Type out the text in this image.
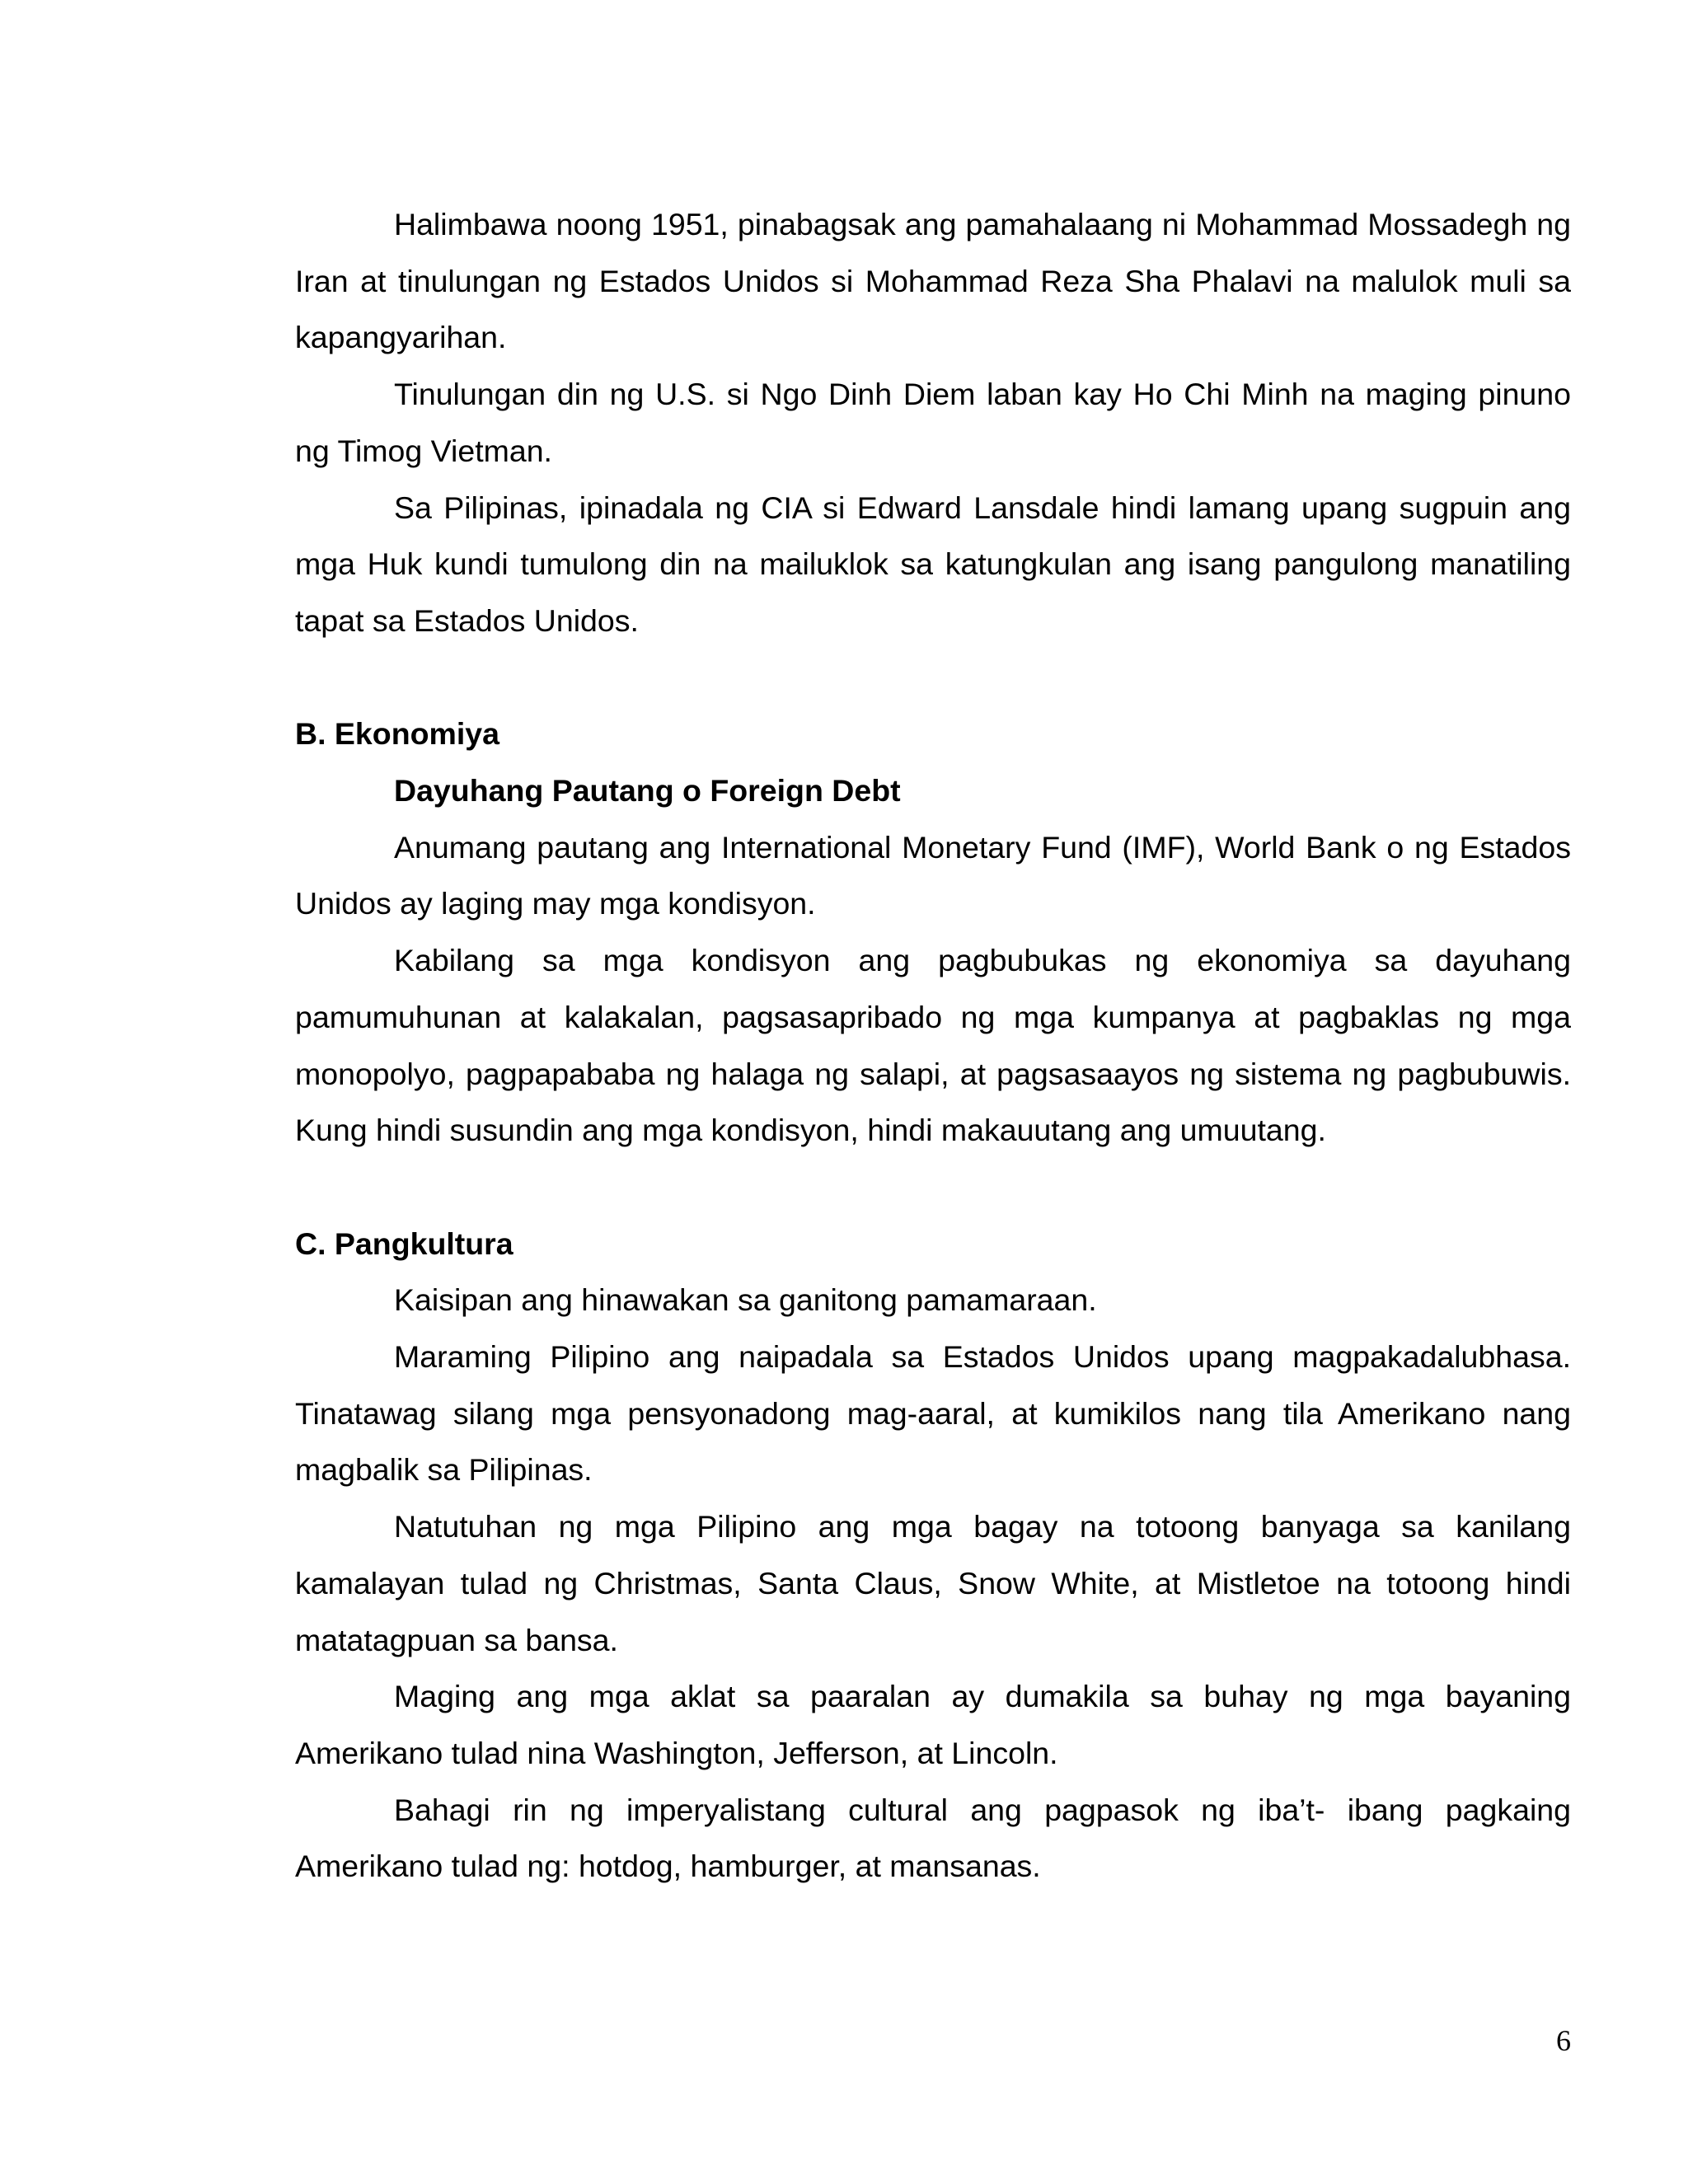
Halimbawa noong 1951, pinabagsak ang pamahalaang ni Mohammad Mossadegh ng Iran at tinulungan ng Estados Unidos si Mohammad Reza Sha Phalavi na malulok muli sa kapangyarihan.

Tinulungan din ng U.S. si Ngo Dinh Diem laban kay Ho Chi Minh na maging pinuno ng Timog Vietman.

Sa Pilipinas, ipinadala ng CIA si Edward Lansdale hindi lamang upang sugpuin ang mga Huk kundi tumulong din na mailuklok sa katungkulan ang isang pangulong manatiling tapat sa Estados Unidos.

B. Ekonomiya

Dayuhang Pautang o Foreign Debt

Anumang pautang ang International Monetary Fund (IMF), World Bank o ng Estados Unidos ay laging may mga kondisyon.

Kabilang sa mga kondisyon ang pagbubukas ng ekonomiya sa dayuhang pamumuhunan at kalakalan, pagsasapribado ng mga kumpanya at pagbaklas ng mga monopolyo, pagpapababa ng halaga ng salapi, at pagsasaayos ng sistema ng pagbubuwis. Kung hindi susundin ang mga kondisyon, hindi makauutang ang umuutang.

C. Pangkultura

Kaisipan ang hinawakan sa ganitong pamamaraan.

Maraming Pilipino ang naipadala sa Estados Unidos upang magpakadalubhasa. Tinatawag silang mga pensyonadong mag-aaral, at kumikilos nang tila Amerikano nang magbalik sa Pilipinas.

Natutuhan ng mga Pilipino ang mga bagay na totoong banyaga sa kanilang kamalayan tulad ng Christmas, Santa Claus, Snow White, at Mistletoe na totoong hindi matatagpuan sa bansa.

Maging ang mga aklat sa paaralan ay dumakila sa buhay ng mga bayaning Amerikano tulad nina Washington, Jefferson, at Lincoln.

Bahagi rin ng imperyalistang cultural ang pagpasok ng iba’t- ibang pagkaing Amerikano tulad ng: hotdog, hamburger, at mansanas.

6
